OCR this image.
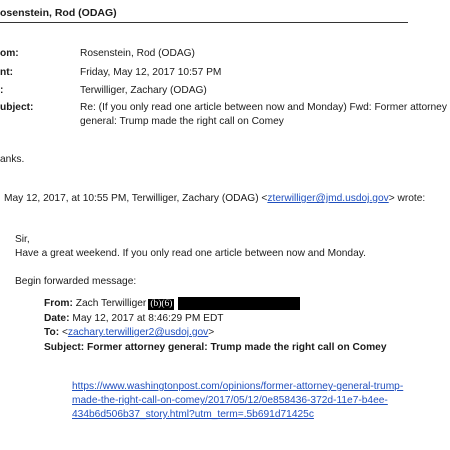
osenstein, Rod (ODAG)
om:	Rosenstein, Rod (ODAG)
nt:	Friday, May 12, 2017 10:57 PM
:	Terwilliger, Zachary (ODAG)
ubject:	Re: (If you only read one article between now and Monday) Fwd: Former attorney
general: Trump made the right call on Comey
anks.
May 12, 2017, at 10:55 PM, Terwilliger, Zachary (ODAG) <zterwilliger@jmd.usdoj.gov> wrote:
Sir,
Have a great weekend. If you only read one article between now and Monday.
Begin forwarded message:
From: Zach Terwilliger (b)(6)
Date: May 12, 2017 at 8:46:29 PM EDT
To: <zachary.terwilliger2@usdoj.gov>
Subject: Former attorney general: Trump made the right call on Comey
https://www.washingtonpost.com/opinions/former-attorney-general-trump-
made-the-right-call-on-comey/2017/05/12/0e858436-372d-11e7-b4ee-
434b6d506b37_story.html?utm_term=.5b691d71425c
